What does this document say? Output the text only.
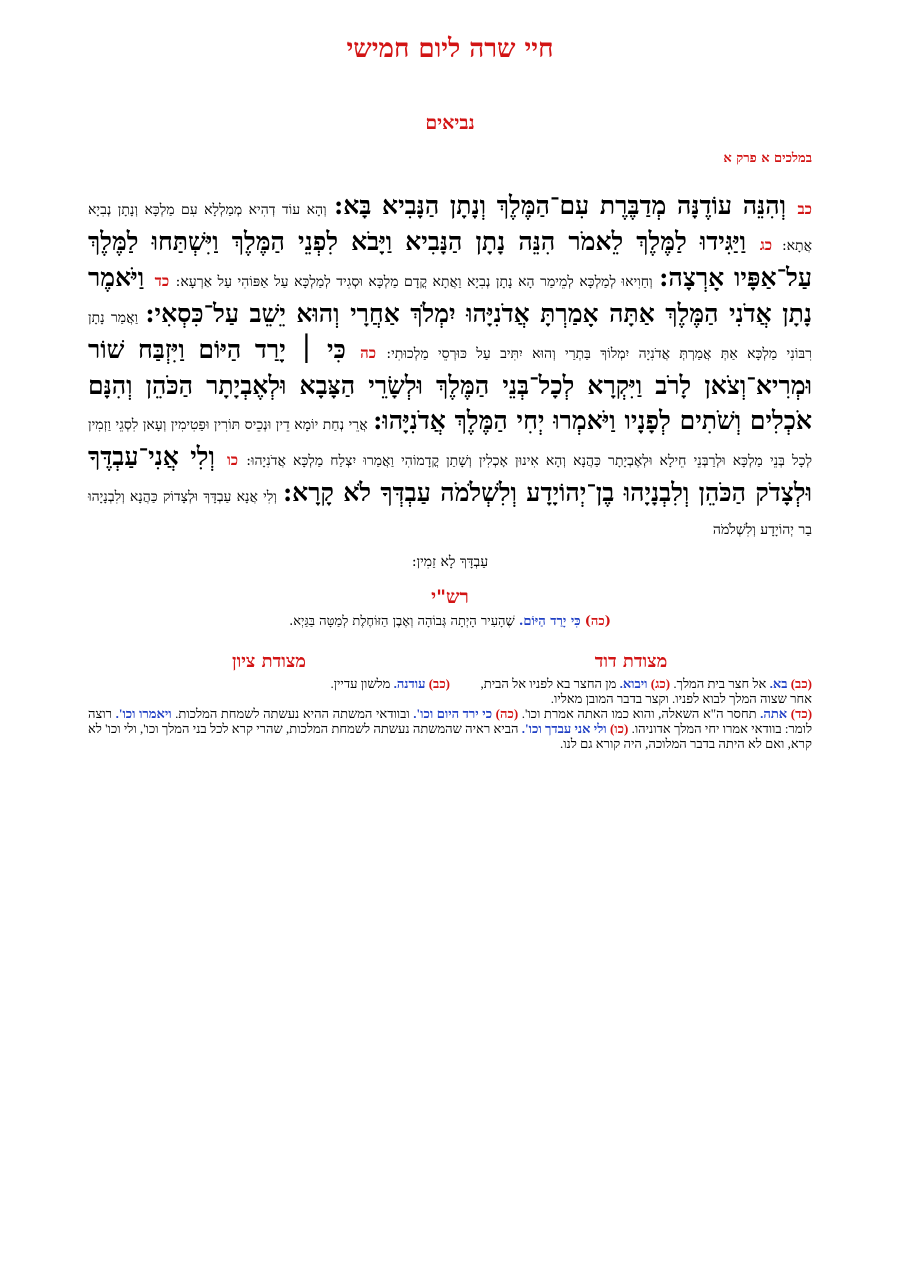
חיי שרה ליום חמישי
נביאים
במלכים א פרק א
כב וְהִנֵּה עוֹדֶנָּה מְדַבֶּרֶת עִם־הַמֶּלֶךְ וְנָתָן הַנָּבִיא בָּא: וְהָא עוֹד דְהִיא מְמַלְלָא עִם מַלְכָּא וְנָתָן נְבִיָא אֲתָא: כג וַיַּגִּידוּ לַמֶּלֶךְ לֵאמֹר הִנֵּה נָתָן הַנָּבִיא וַיָּבֹא לִפְנֵי הַמֶּלֶךְ וַיִּשְׁתַּחוּ לַמֶּלֶךְ עַל־אַפָּיו אָרְצָה: וְחַוִיאוּ לְמַלְכָּא לְמֵימַר הָא נָתָן נְבִיָא וַאֲתָא קֳדָם מַלְכָּא וּסְגִיד לְמַלְכָּא עַל אַפּוֹהִי עַל אַרְעָא: כד וַיֹּאמֶר נָתָן אֲדֹנִי הַמֶּלֶךְ אַתָּה אָמַרְתָּ אֲדֹנִיָּהוּ יִמְלֹךְ אַחֲרָי וְהוּא יֵשֵׁב עַל־כִּסְאִי: וַאֲמַר נָתָן רִבּוֹנִי מַלְכָּא אַתְּ אֲמַרְתְּ אֲדֹנִיָה יִמְלוֹךְ בַּתְרַי וְהוּא יִתִּיב עַל כּוּרְסֵי מַלְכוּתִי: כה כִּי ׀ יָרַד הַיּוֹם וַיִּזְבַּח שׁוֹר וּמְרִיא־וְצֹאן לָרֹב וַיִּקְרָא לְכָל־בְּנֵי הַמֶּלֶךְ וּלְשָׂרֵי הַצָּבָא וּלְאֶבְיָתָר הַכֹּהֵן וְהִנָּם אֹכְלִים וְשֹׁתִים לְפָנָיו וַיֹּאמְרוּ יְחִי הַמֶּלֶךְ אֲדֹנִיָּהוּ: אֲרֵי נְחַת יוֹמָא דֵין וּנְכֵיס תּוֹרִין וּפַטִימִין וְעָאן לִסְגֵי וַזְמִין לְכָל בְּנֵי מַלְכָּא וּלְרַבְּנֵי חֵילָא וּלְאֶבְיָתָר כַּהֲנָא וְהָא אִינוּן אָכְלִין וְשָׁתַן קֳדָמוֹהִי וַאֲמַרוּ יִצְלַח מַלְכָּא אֲדֹנִיָהוּ: כו וְלִי אֲנִי־עַבְדֶּךָ וּלְצָדֹק הַכֹּהֵן וְלִבְנָיָהוּ בֶן־יְהוֹיָדָע וְלִשְׁלֹמֹה עַבְדְּךָ לֹא קָרָא: וְלִי אֲנָא עַבְדָּךְ וּלְצָדוֹק כַּהֲנָא וְלִבְנָיָהוּ בַר יְהוֹיָדָע וְלִשְׁלֹמֹה
עַבְדָּךְ לָא זַמִין:
רש"י
(כה) כִּי יָרַד הַיּוֹם. שֶׁהָעִיר הָיְתָה גְּבוֹהָה וְאֶבֶן הַזּוֹחֶלֶת לְמַטָּה בַּגַּיְא.
מצודת דוד
(כב) בא. אל חצר בית המלך. (כג) ויבוא. מן החצר בא לפניו אל הבית, אחר שצוה המלך לבוא לפניו. וקצר בדבר המובן מאליו.
מצודת ציון
(כב) עודנה. מלשון עדיין.
(כד) אתה. תחסר ה"א השאלה, והוא כמו האתה אמרת וכו'. (כה) כי ירד היום וכו'. ובוודאי המשתה ההיא נעשתה לשמחת המלכות. ויאמרו וכו'. רוצה לומר: בוודאי אמרו יחי המלך אדוניהו. (כו) ולי אני עבדך וכו'. הביא ראיה שהמשתה נעשתה לשמחת המלכות, שהרי קרא לכל בני המלך וכו', ולי וכו' לא קרא, ואם לא היתה בדבר המלוכה, היה קורא גם לנו.
